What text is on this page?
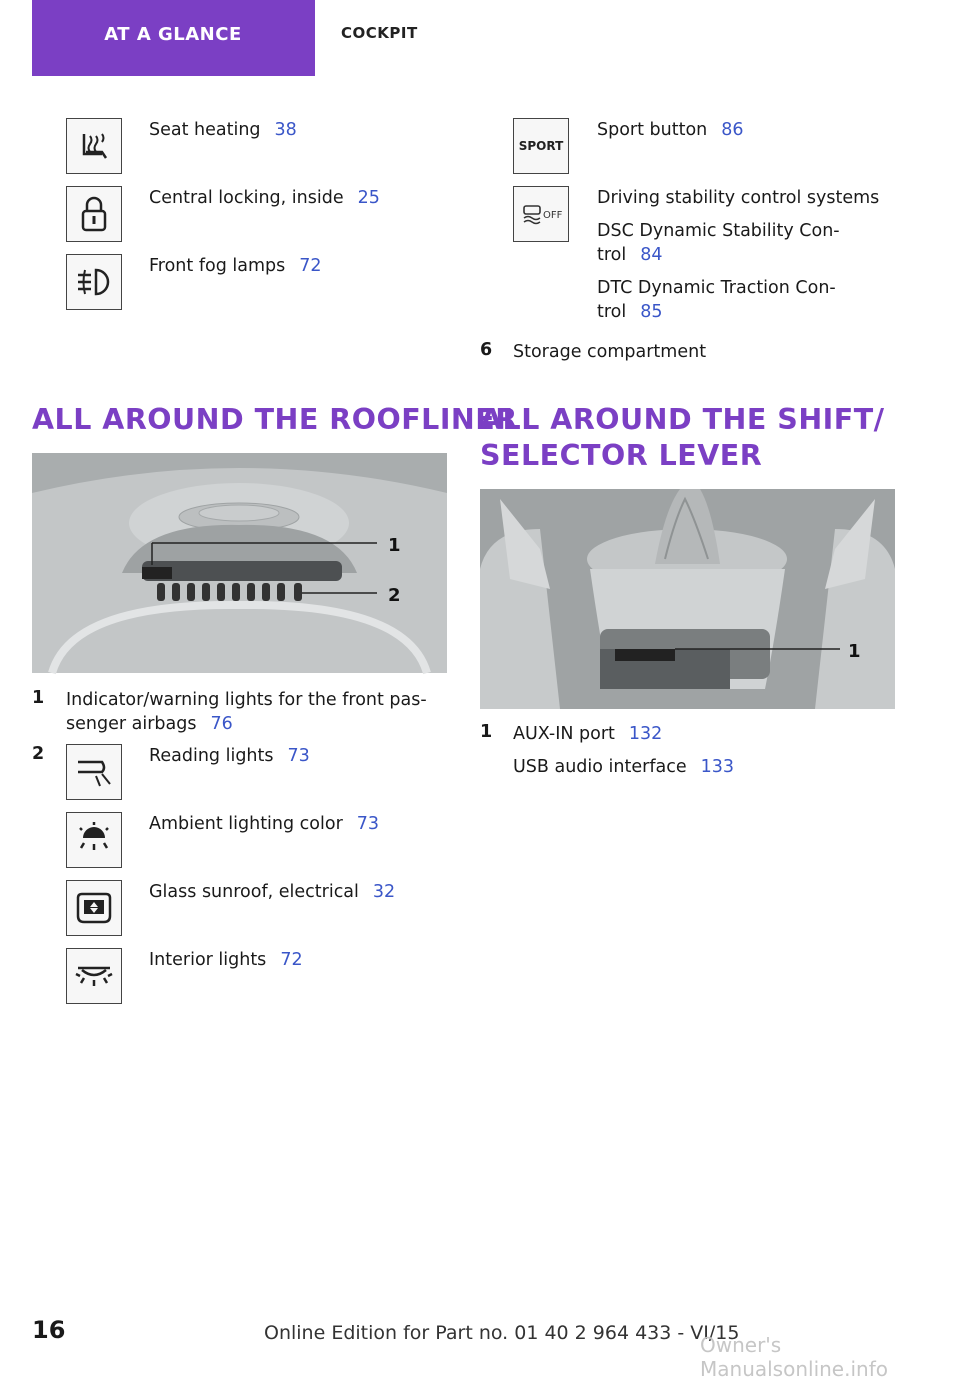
AT A GLANCE	COCKPIT
Seat heating 38
Central locking, inside 25
Front fog lamps 72
SPORT
Sport button 86
OFF
Driving stability control systems
DSC Dynamic Stability Con-
trol 84
DTC Dynamic Traction Con-
trol 85
6 Storage compartment
ALL AROUND THE ROOFLINER
1
2
1 Indicator/warning lights for the front pas-
senger airbags 76
2	Reading lights 73
Ambient lighting color 73
Glass sunroof, electrical 32
Interior lights 72
ALL AROUND THE SHIFT/
SELECTOR LEVER
1
1 AUX-IN port 132
USB audio interface 133
16	Online Edition for Part no. 01 40 2 964 433 - VI/15
Owner's Manualsonline.info
